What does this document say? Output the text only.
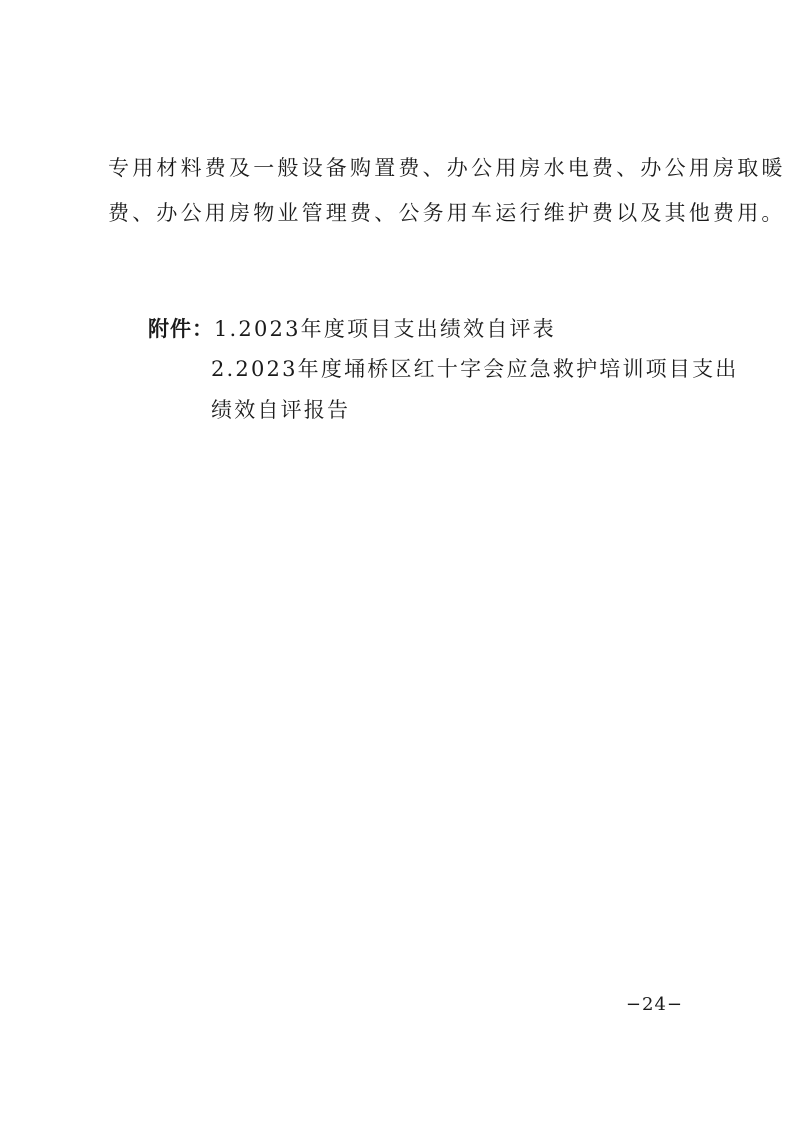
专用材料费及一般设备购置费、办公用房水电费、办公用房取暖
费、办公用房物业管理费、公务用车运行维护费以及其他费用。
附件：1.2023年度项目支出绩效自评表
2.2023年度埇桥区红十字会应急救护培训项目支出
绩效自评报告
−24−
